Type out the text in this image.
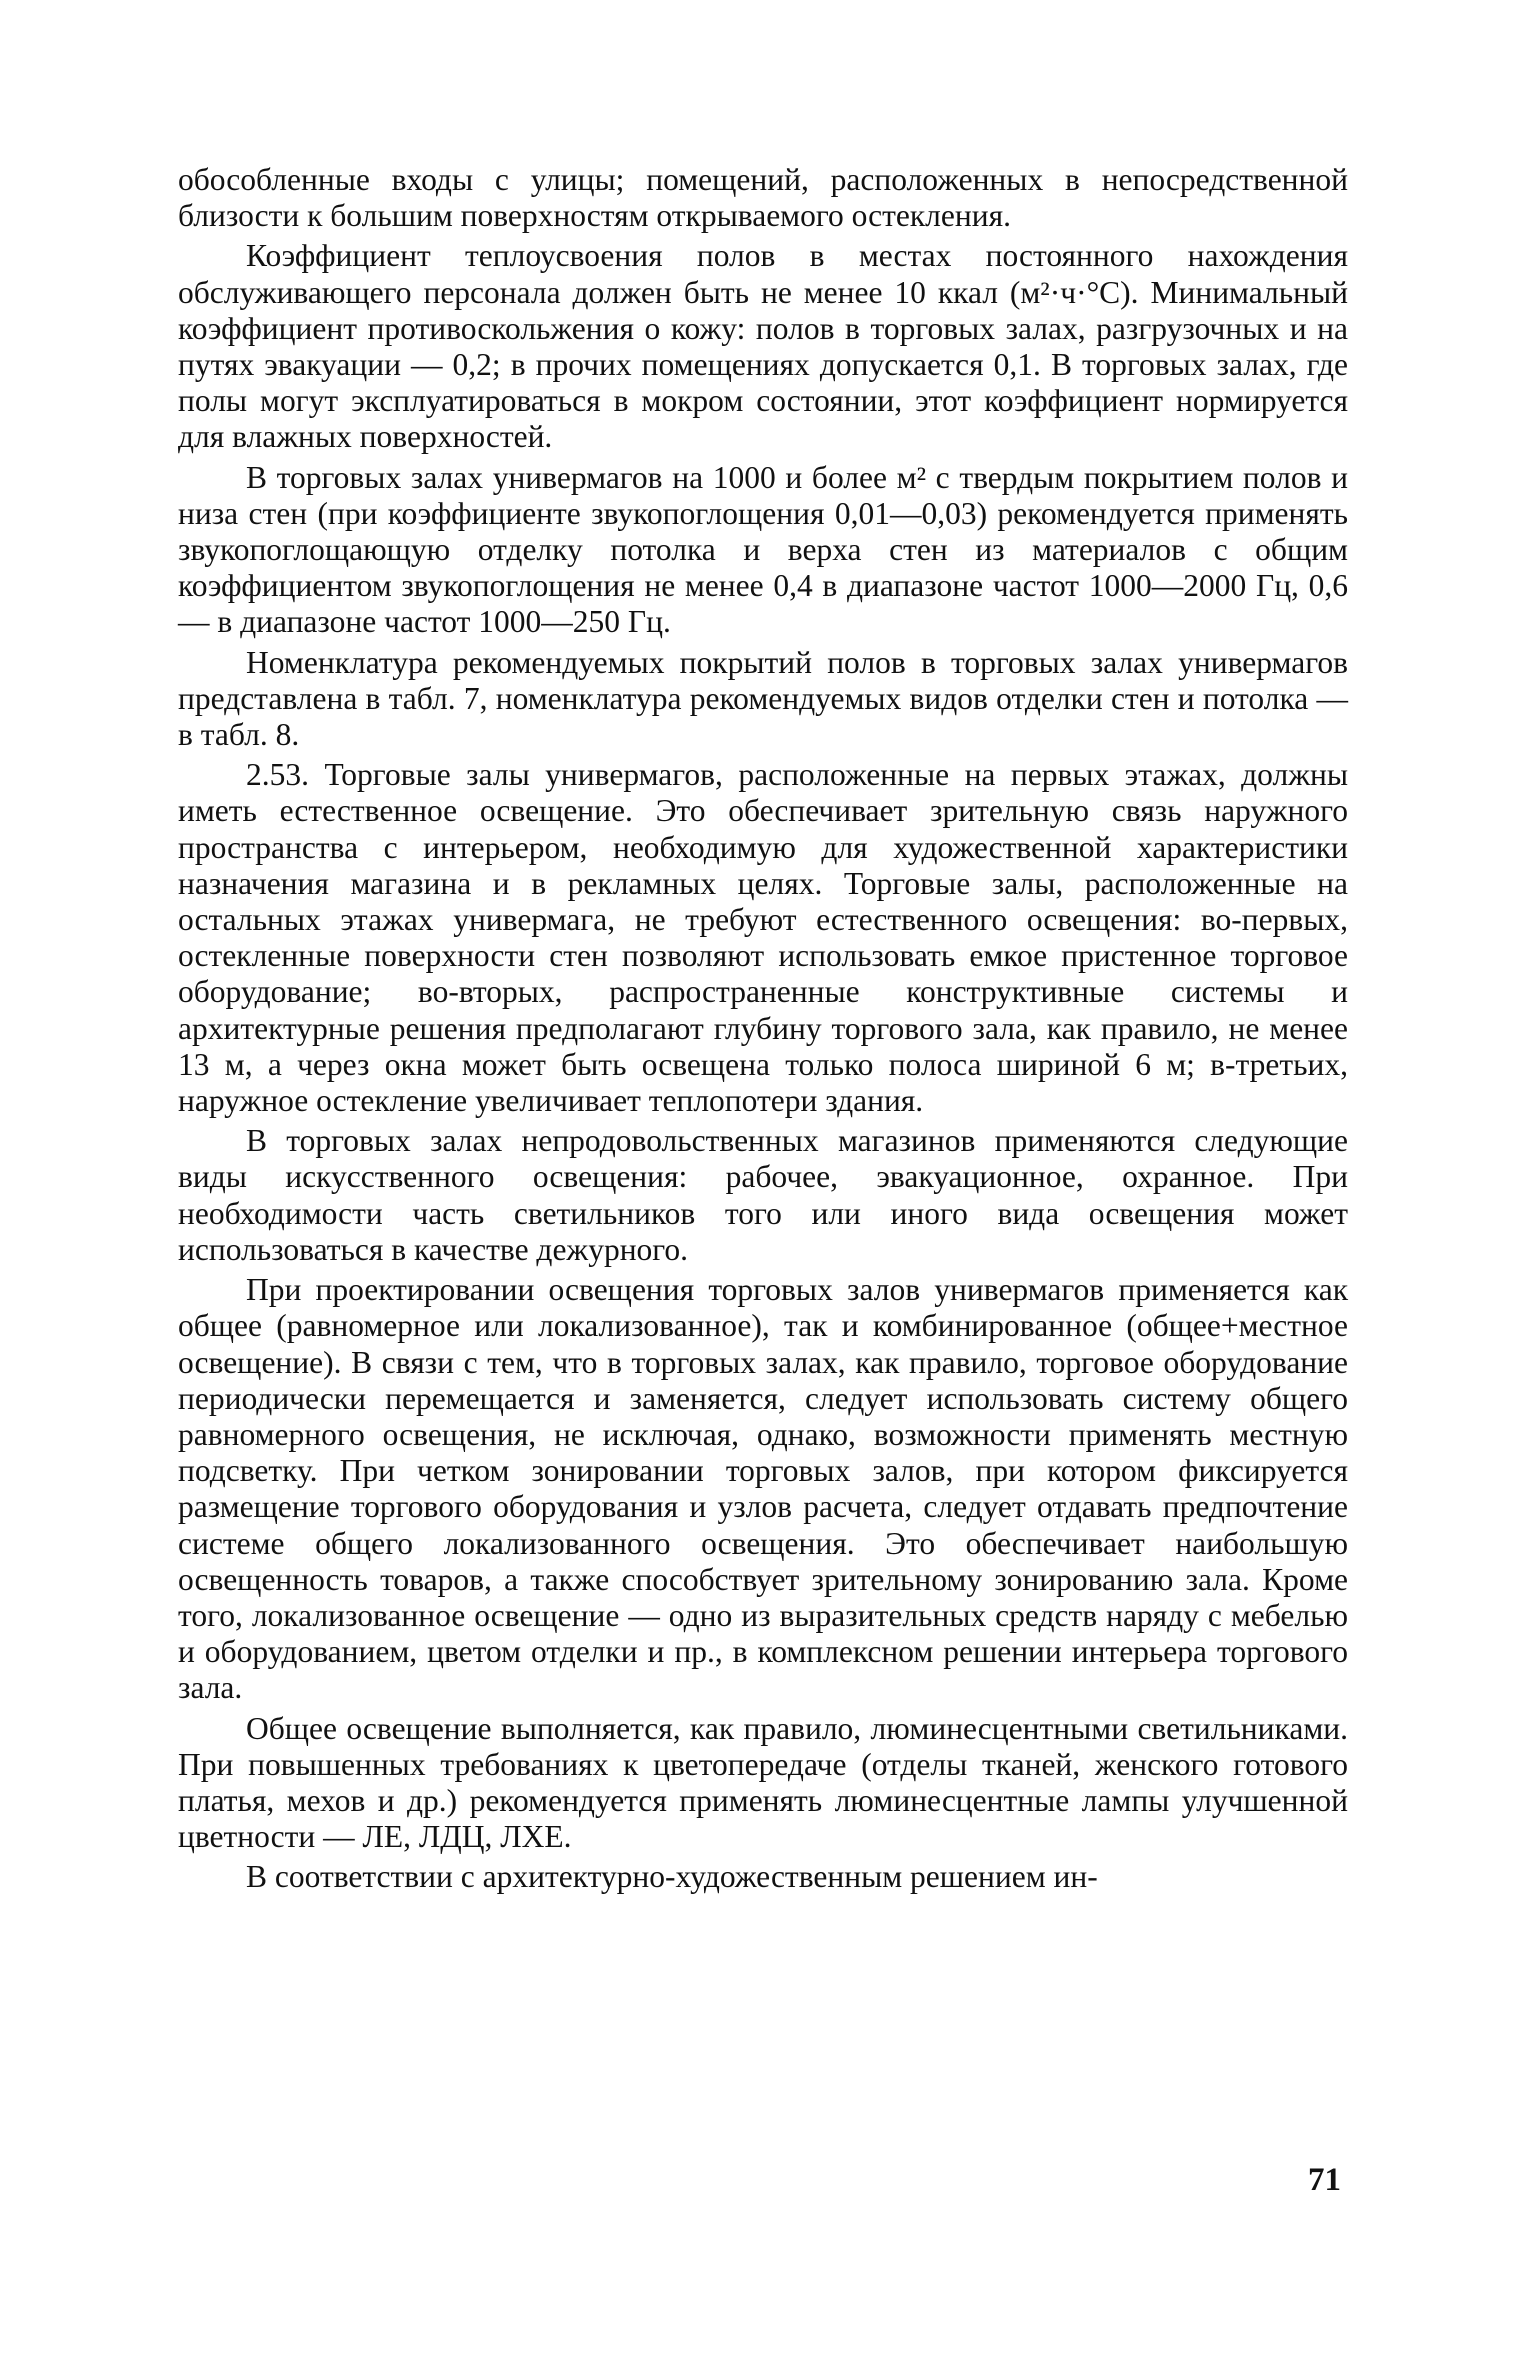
обособленные входы с улицы; помещений, расположенных в непосредственной близости к большим поверхностям открываемого остекления.

Коэффициент теплоусвоения полов в местах постоянного нахождения обслуживающего персонала должен быть не менее 10 ккал (м²·ч·°С). Минимальный коэффициент противоскольжения о кожу: полов в торговых залах, разгрузочных и на путях эвакуации — 0,2; в прочих помещениях допускается 0,1. В торговых залах, где полы могут эксплуатироваться в мокром состоянии, этот коэффициент нормируется для влажных поверхностей.

В торговых залах универмагов на 1000 и более м² с твердым покрытием полов и низа стен (при коэффициенте звукопоглощения 0,01—0,03) рекомендуется применять звукопоглощающую отделку потолка и верха стен из материалов с общим коэффициентом звукопоглощения не менее 0,4 в диапазоне частот 1000—2000 Гц, 0,6— в диапазоне частот 1000—250 Гц.

Номенклатура рекомендуемых покрытий полов в торговых залах универмагов представлена в табл. 7, номенклатура рекомендуемых видов отделки стен и потолка — в табл. 8.

2.53. Торговые залы универмагов, расположенные на первых этажах, должны иметь естественное освещение. Это обеспечивает зрительную связь наружного пространства с интерьером, необходимую для художественной характеристики назначения магазина и в рекламных целях. Торговые залы, расположенные на остальных этажах универмага, не требуют естественного освещения: во-первых, остекленные поверхности стен позволяют использовать емкое пристенное торговое оборудование; во-вторых, распространенные конструктивные системы и архитектурные решения предполагают глубину торгового зала, как правило, не менее 13 м, а через окна может быть освещена только полоса шириной 6 м; в-третьих, наружное остекление увеличивает теплопотери здания.

В торговых залах непродовольственных магазинов применяются следующие виды искусственного освещения: рабочее, эвакуационное, охранное. При необходимости часть светильников того или иного вида освещения может использоваться в качестве дежурного.

При проектировании освещения торговых залов универмагов применяется как общее (равномерное или локализованное), так и комбинированное (общее+местное освещение). В связи с тем, что в торговых залах, как правило, торговое оборудование периодически перемещается и заменяется, следует использовать систему общего равномерного освещения, не исключая, однако, возможности применять местную подсветку. При четком зонировании торговых залов, при котором фиксируется размещение торгового оборудования и узлов расчета, следует отдавать предпочтение системе общего локализованного освещения. Это обеспечивает наибольшую освещенность товаров, а также способствует зрительному зонированию зала. Кроме того, локализованное освещение — одно из выразительных средств наряду с мебелью и оборудованием, цветом отделки и пр., в комплексном решении интерьера торгового зала.

Общее освещение выполняется, как правило, люминесцентными светильниками. При повышенных требованиях к цветопередаче (отделы тканей, женского готового платья, мехов и др.) рекомендуется применять люминесцентные лампы улучшенной цветности — ЛЕ, ЛДЦ, ЛХЕ.

В соответствии с архитектурно-художественным решением ин-

71
